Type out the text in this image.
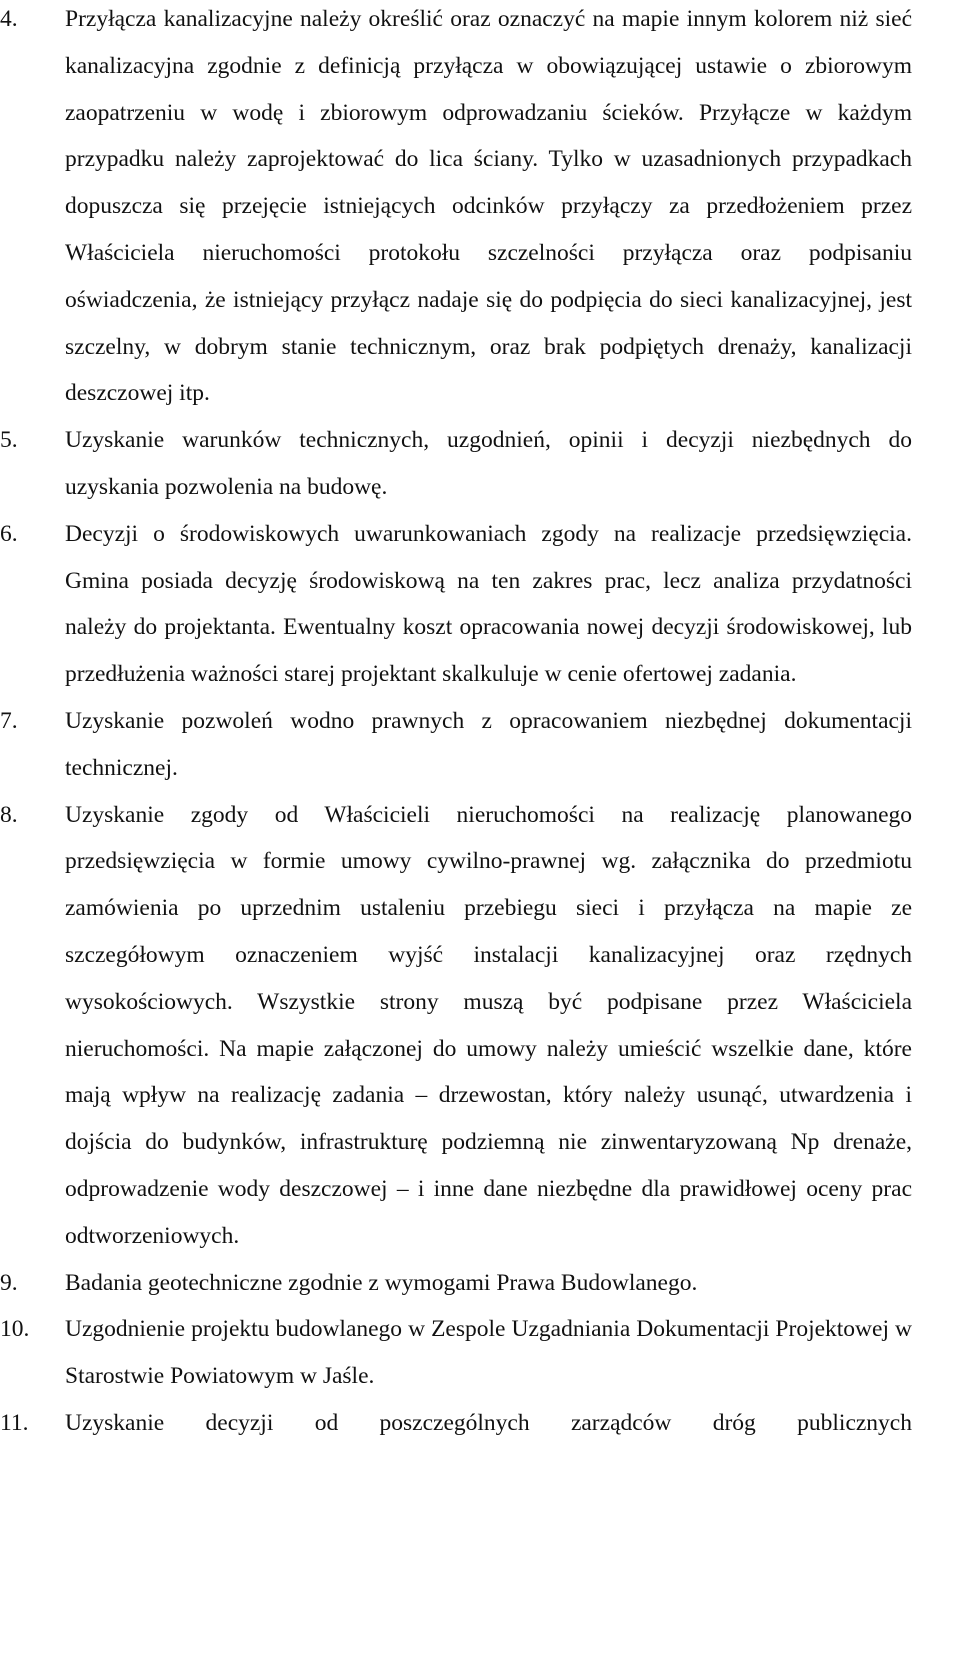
4.	Przyłącza kanalizacyjne należy określić oraz oznaczyć na mapie innym kolorem niż sieć kanalizacyjna zgodnie z definicją przyłącza w obowiązującej ustawie o zbiorowym zaopatrzeniu w wodę i zbiorowym odprowadzaniu ścieków. Przyłącze w każdym przypadku należy zaprojektować do lica ściany. Tylko w uzasadnionych przypadkach dopuszcza się przejęcie istniejących odcinków przyłączy za przedłożeniem przez Właściciela nieruchomości protokołu szczelności przyłącza oraz podpisaniu oświadczenia, że istniejący przyłącz nadaje się do podpięcia do sieci kanalizacyjnej, jest szczelny, w dobrym stanie technicznym, oraz brak podpiętych drenaży, kanalizacji deszczowej itp.

5.	Uzyskanie warunków technicznych, uzgodnień, opinii i decyzji niezbędnych do uzyskania pozwolenia na budowę.

6.	Decyzji o środowiskowych uwarunkowaniach zgody na realizacje przedsięwzięcia. Gmina posiada decyzję środowiskową na ten zakres prac, lecz analiza przydatności należy do projektanta. Ewentualny koszt opracowania nowej decyzji środowiskowej, lub przedłużenia ważności starej projektant skalkuluje w cenie ofertowej zadania.

7.	Uzyskanie pozwoleń wodno prawnych z opracowaniem niezbędnej dokumentacji technicznej.

8.	Uzyskanie zgody od Właścicieli nieruchomości na realizację planowanego przedsięwzięcia w formie umowy cywilno-prawnej wg. załącznika do przedmiotu zamówienia po uprzednim ustaleniu przebiegu sieci i przyłącza na mapie ze szczegółowym oznaczeniem wyjść instalacji kanalizacyjnej oraz rzędnych wysokościowych. Wszystkie strony muszą być podpisane przez Właściciela nieruchomości. Na mapie załączonej do umowy należy umieścić wszelkie dane, które mają wpływ na realizację zadania – drzewostan, który należy usunąć, utwardzenia i dojścia do budynków, infrastrukturę podziemną nie zinwentaryzowaną Np drenaże, odprowadzenie wody deszczowej – i inne dane niezbędne dla prawidłowej oceny prac odtworzeniowych.

9.	Badania geotechniczne zgodnie z wymogami Prawa Budowlanego.

10.	Uzgodnienie projektu budowlanego w Zespole Uzgadniania Dokumentacji Projektowej w Starostwie Powiatowym w Jaśle.

11.	Uzyskanie decyzji od poszczególnych zarządców dróg publicznych
